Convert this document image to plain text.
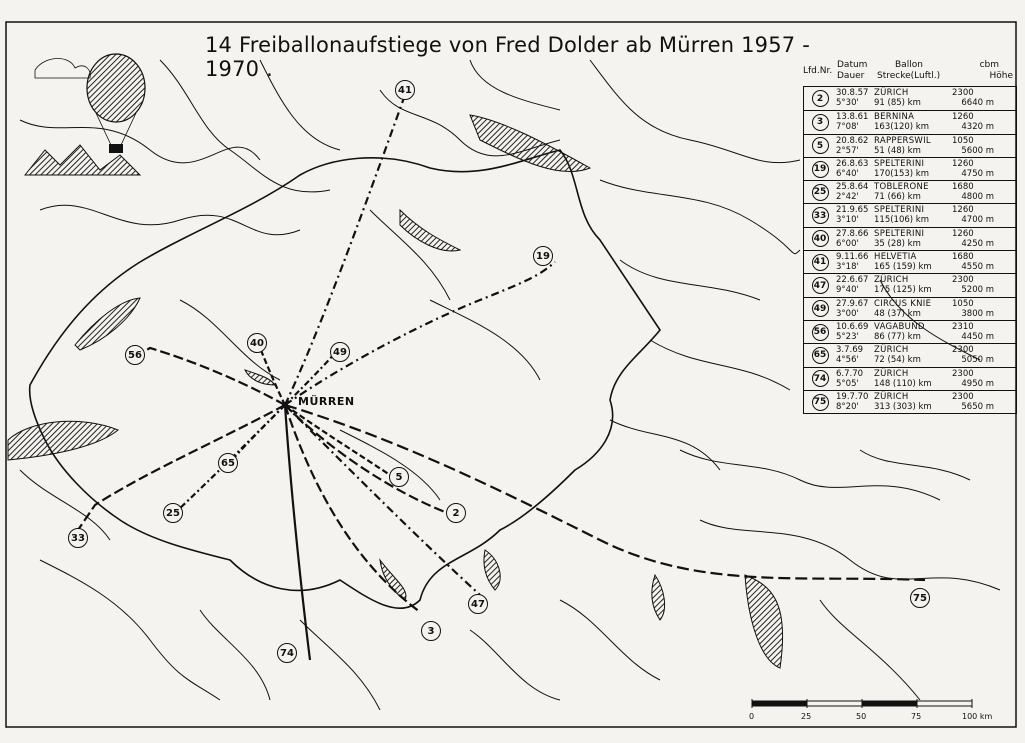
14 Freiballonaufstiege von Fred Dolder ab Mürren 1957 - 1970 .
MÜRREN
41
19
40
49
56
65
5
2
25
33
47
3
74
75
Lfd.Nr.
Datum	Ballon
Dauer	Strecke(Luftl.)
cbm
Höhe
2
30.8.57 ZÜRICH	2300
5°30'	91 (85) km	6640 m
3
13.8.61 BERNINA	1260
7°08'	163(120) km	4320 m
5
20.8.62 RAPPERSWIL	1050
2°57'	51 (48) km	5600 m
19
26.8.63 SPELTERINI	1260
6°40'	170(153) km	4750 m
25
25.8.64 TOBLERONE	1680
2°42'	71 (66) km	4800 m
33
21.9.65 SPELTERINI	1260
3°10'	115(106) km	4700 m
40
27.8.66 SPELTERINI	1260
6°00'	35 (28) km	4250 m
41
9.11.66 HELVETIA	1680
3°18'	165 (159) km	4550 m
47
22.6.67 ZÜRICH	2300
9°40'	175 (125) km	5200 m
49
27.9.67 CIRCUS KNIE	1050
3°00'	48 (37) km	3800 m
56
10.6.69 VAGABUND	2310
5°23'	86 (77) km	4450 m
65
3.7.69	ZÜRICH	2300
4°56'	72 (54) km	5050 m
74
6.7.70	ZÜRICH	2300
5°05'	148 (110) km	4950 m
75
19.7.70 ZÜRICH	2300
8°20'	313 (303) km	5650 m
0	25	50	75	100 km
